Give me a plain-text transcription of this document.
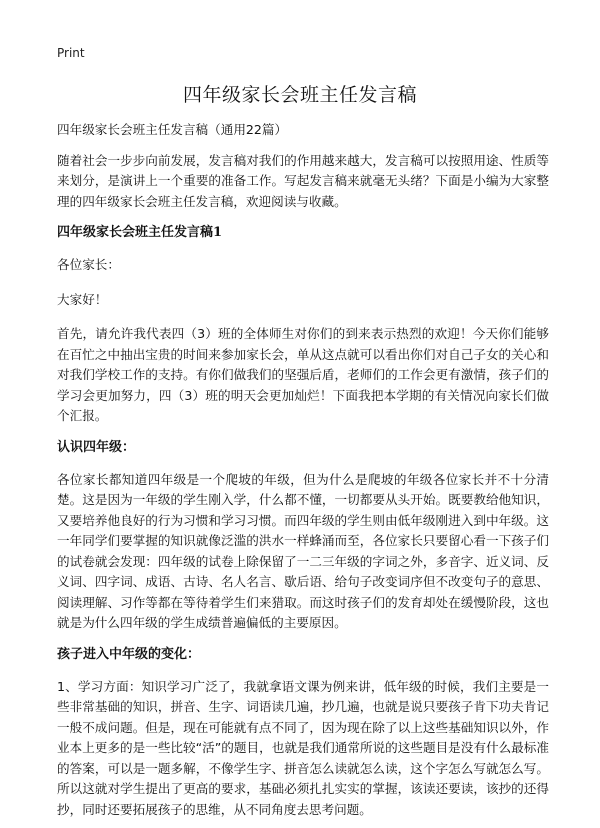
Print
四年级家长会班主任发言稿

四年级家长会班主任发言稿（通用22篇）

随着社会一步步向前发展，发言稿对我们的作用越来越大，发言稿可以按照用途、性质等来划分，是演讲上一个重要的准备工作。写起发言稿来就毫无头绪？下面是小编为大家整理的四年级家长会班主任发言稿，欢迎阅读与收藏。

四年级家长会班主任发言稿1

各位家长：

大家好！

首先，请允许我代表四（3）班的全体师生对你们的到来表示热烈的欢迎！今天你们能够在百忙之中抽出宝贵的时间来参加家长会，单从这点就可以看出你们对自己子女的关心和对我们学校工作的支持。有你们做我们的坚强后盾，老师们的工作会更有激情，孩子们的学习会更加努力，四（3）班的明天会更加灿烂！下面我把本学期的有关情况向家长们做个汇报。

认识四年级：

各位家长都知道四年级是一个爬坡的年级，但为什么是爬坡的年级各位家长并不十分清楚。这是因为一年级的学生刚入学，什么都不懂，一切都要从头开始。既要教给他知识，又要培养他良好的行为习惯和学习习惯。而四年级的学生则由低年级刚进入到中年级。这一年同学们要掌握的知识就像泛滥的洪水一样蜂涌而至，各位家长只要留心看一下孩子们的试卷就会发现：四年级的试卷上除保留了一二三年级的字词之外，多音字、近义词、反义词、四字词、成语、古诗、名人名言、歇后语、给句子改变词序但不改变句子的意思、阅读理解、习作等都在等待着学生们来猎取。而这时孩子们的发育却处在缓慢阶段，这也就是为什么四年级的学生成绩普遍偏低的主要原因。

孩子进入中年级的变化：

1、学习方面：知识学习广泛了，我就拿语文课为例来讲，低年级的时候，我们主要是一些非常基础的知识，拼音、生字、词语读几遍，抄几遍，也就是说只要孩子肯下功夫肯记一般不成问题。但是，现在可能就有点不同了，因为现在除了以上这些基础知识以外，作业本上更多的是一些比较“活”的题目，也就是我们通常所说的这些题目是没有什么最标准的答案，可以是一题多解，不像学生字、拼音怎么读就怎么读，这个字怎么写就怎么写。所以这就对学生提出了更高的要求，基础必须扎扎实实的掌握，该读还要读，该抄的还得抄，同时还要拓展孩子的思维，从不同角度去思考问题。
